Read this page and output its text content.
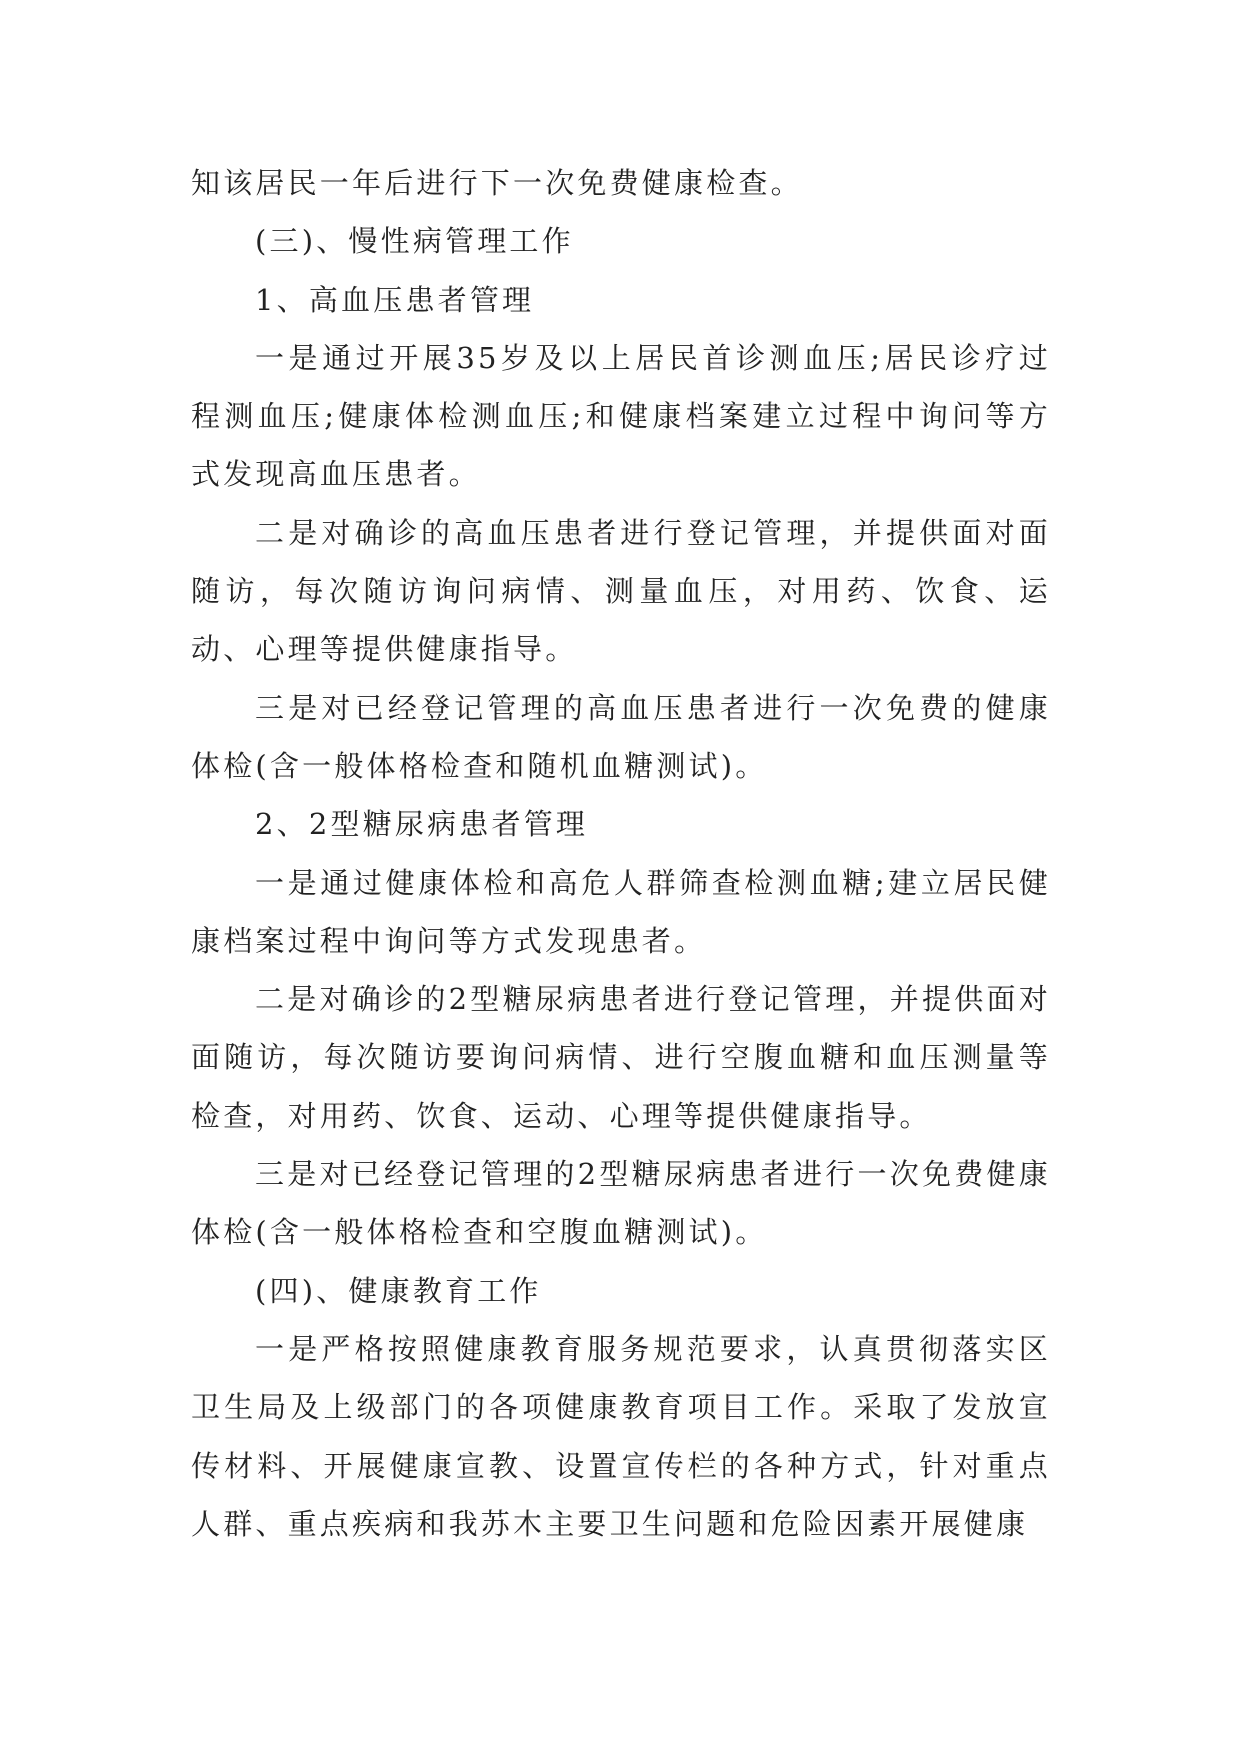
知该居民一年后进行下一次免费健康检查。

(三)、慢性病管理工作

1、高血压患者管理

一是通过开展35岁及以上居民首诊测血压;居民诊疗过程测血压;健康体检测血压;和健康档案建立过程中询问等方式发现高血压患者。

二是对确诊的高血压患者进行登记管理，并提供面对面随访，每次随访询问病情、测量血压，对用药、饮食、运动、心理等提供健康指导。

三是对已经登记管理的高血压患者进行一次免费的健康体检(含一般体格检查和随机血糖测试)。

2、2型糖尿病患者管理

一是通过健康体检和高危人群筛查检测血糖;建立居民健康档案过程中询问等方式发现患者。

二是对确诊的2型糖尿病患者进行登记管理，并提供面对面随访，每次随访要询问病情、进行空腹血糖和血压测量等检查，对用药、饮食、运动、心理等提供健康指导。

三是对已经登记管理的2型糖尿病患者进行一次免费健康体检(含一般体格检查和空腹血糖测试)。

(四)、健康教育工作

一是严格按照健康教育服务规范要求，认真贯彻落实区卫生局及上级部门的各项健康教育项目工作。采取了发放宣传材料、开展健康宣教、设置宣传栏的各种方式，针对重点人群、重点疾病和我苏木主要卫生问题和危险因素开展健康
